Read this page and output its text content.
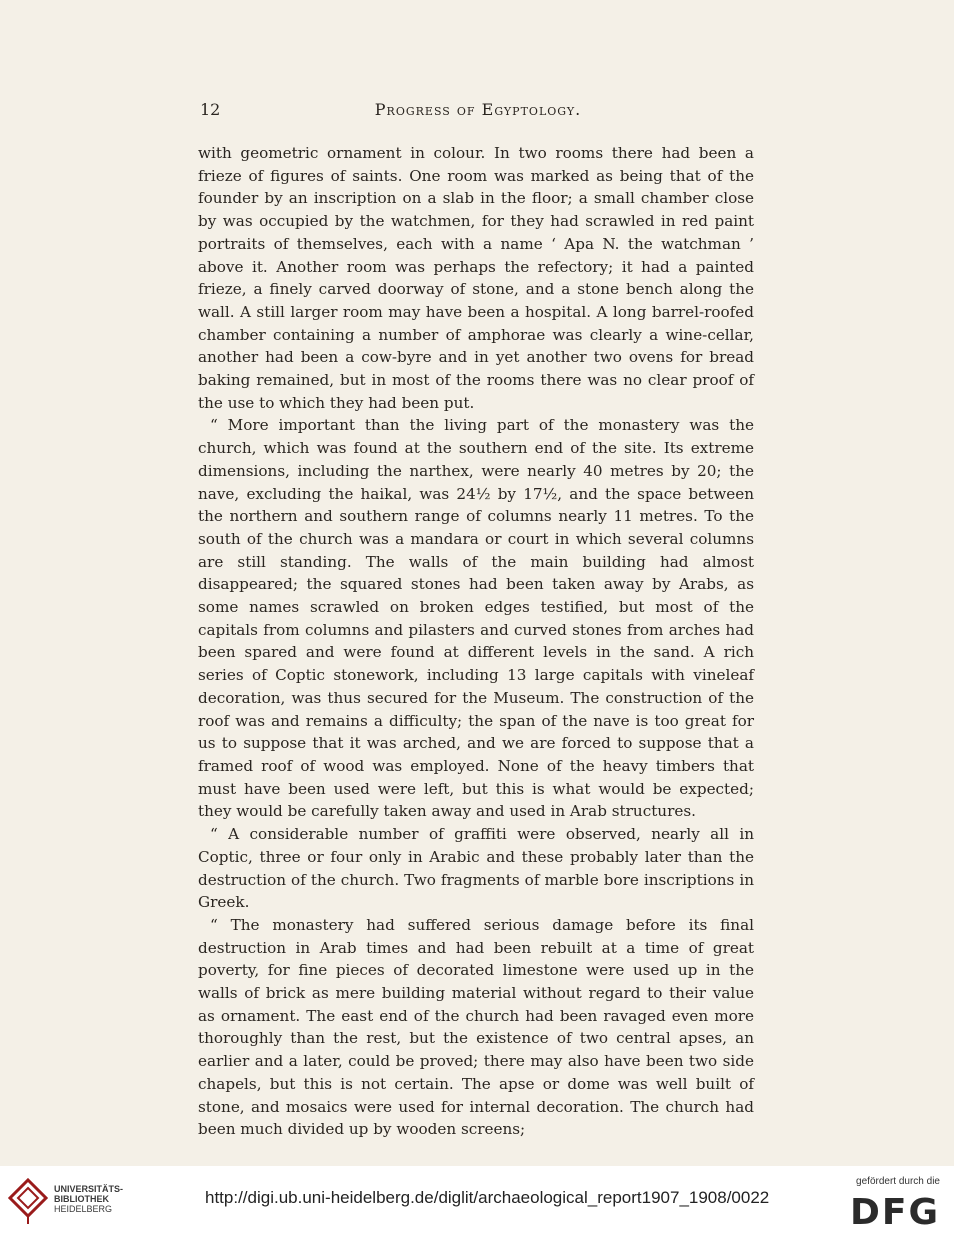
12	Progress of Egyptology.

with geometric ornament in colour. In two rooms there had been a frieze of figures of saints. One room was marked as being that of the founder by an inscription on a slab in the floor; a small chamber close by was occupied by the watchmen, for they had scrawled in red paint portraits of themselves, each with a name ‘ Apa N. the watchman ’ above it. Another room was perhaps the refectory; it had a painted frieze, a finely carved doorway of stone, and a stone bench along the wall. A still larger room may have been a hospital. A long barrel-roofed chamber containing a number of amphorae was clearly a wine-cellar, another had been a cow-byre and in yet another two ovens for bread baking remained, but in most of the rooms there was no clear proof of the use to which they had been put.

“ More important than the living part of the monastery was the church, which was found at the southern end of the site. Its extreme dimensions, including the narthex, were nearly 40 metres by 20; the nave, excluding the haikal, was 24½ by 17½, and the space between the northern and southern range of columns nearly 11 metres. To the south of the church was a mandara or court in which several columns are still standing. The walls of the main building had almost disappeared; the squared stones had been taken away by Arabs, as some names scrawled on broken edges testified, but most of the capitals from columns and pilasters and curved stones from arches had been spared and were found at different levels in the sand. A rich series of Coptic stonework, including 13 large capitals with vineleaf decoration, was thus secured for the Museum. The construction of the roof was and remains a difficulty; the span of the nave is too great for us to suppose that it was arched, and we are forced to suppose that a framed roof of wood was employed. None of the heavy timbers that must have been used were left, but this is what would be expected; they would be carefully taken away and used in Arab structures.

“ A considerable number of graffiti were observed, nearly all in Coptic, three or four only in Arabic and these probably later than the destruction of the church. Two fragments of marble bore inscriptions in Greek.

“ The monastery had suffered serious damage before its final destruction in Arab times and had been rebuilt at a time of great poverty, for fine pieces of decorated limestone were used up in the walls of brick as mere building material without regard to their value as ornament. The east end of the church had been ravaged even more thoroughly than the rest, but the existence of two central apses, an earlier and a later, could be proved; there may also have been two side chapels, but this is not certain. The apse or dome was well built of stone, and mosaics were used for internal decoration. The church had been much divided up by wooden screens;

UNIVERSITÄTS-
BIBLIOTHEK
HEIDELBERG
http://digi.ub.uni-heidelberg.de/diglit/archaeological_report1907_1908/0022
gefördert durch die
DFG
